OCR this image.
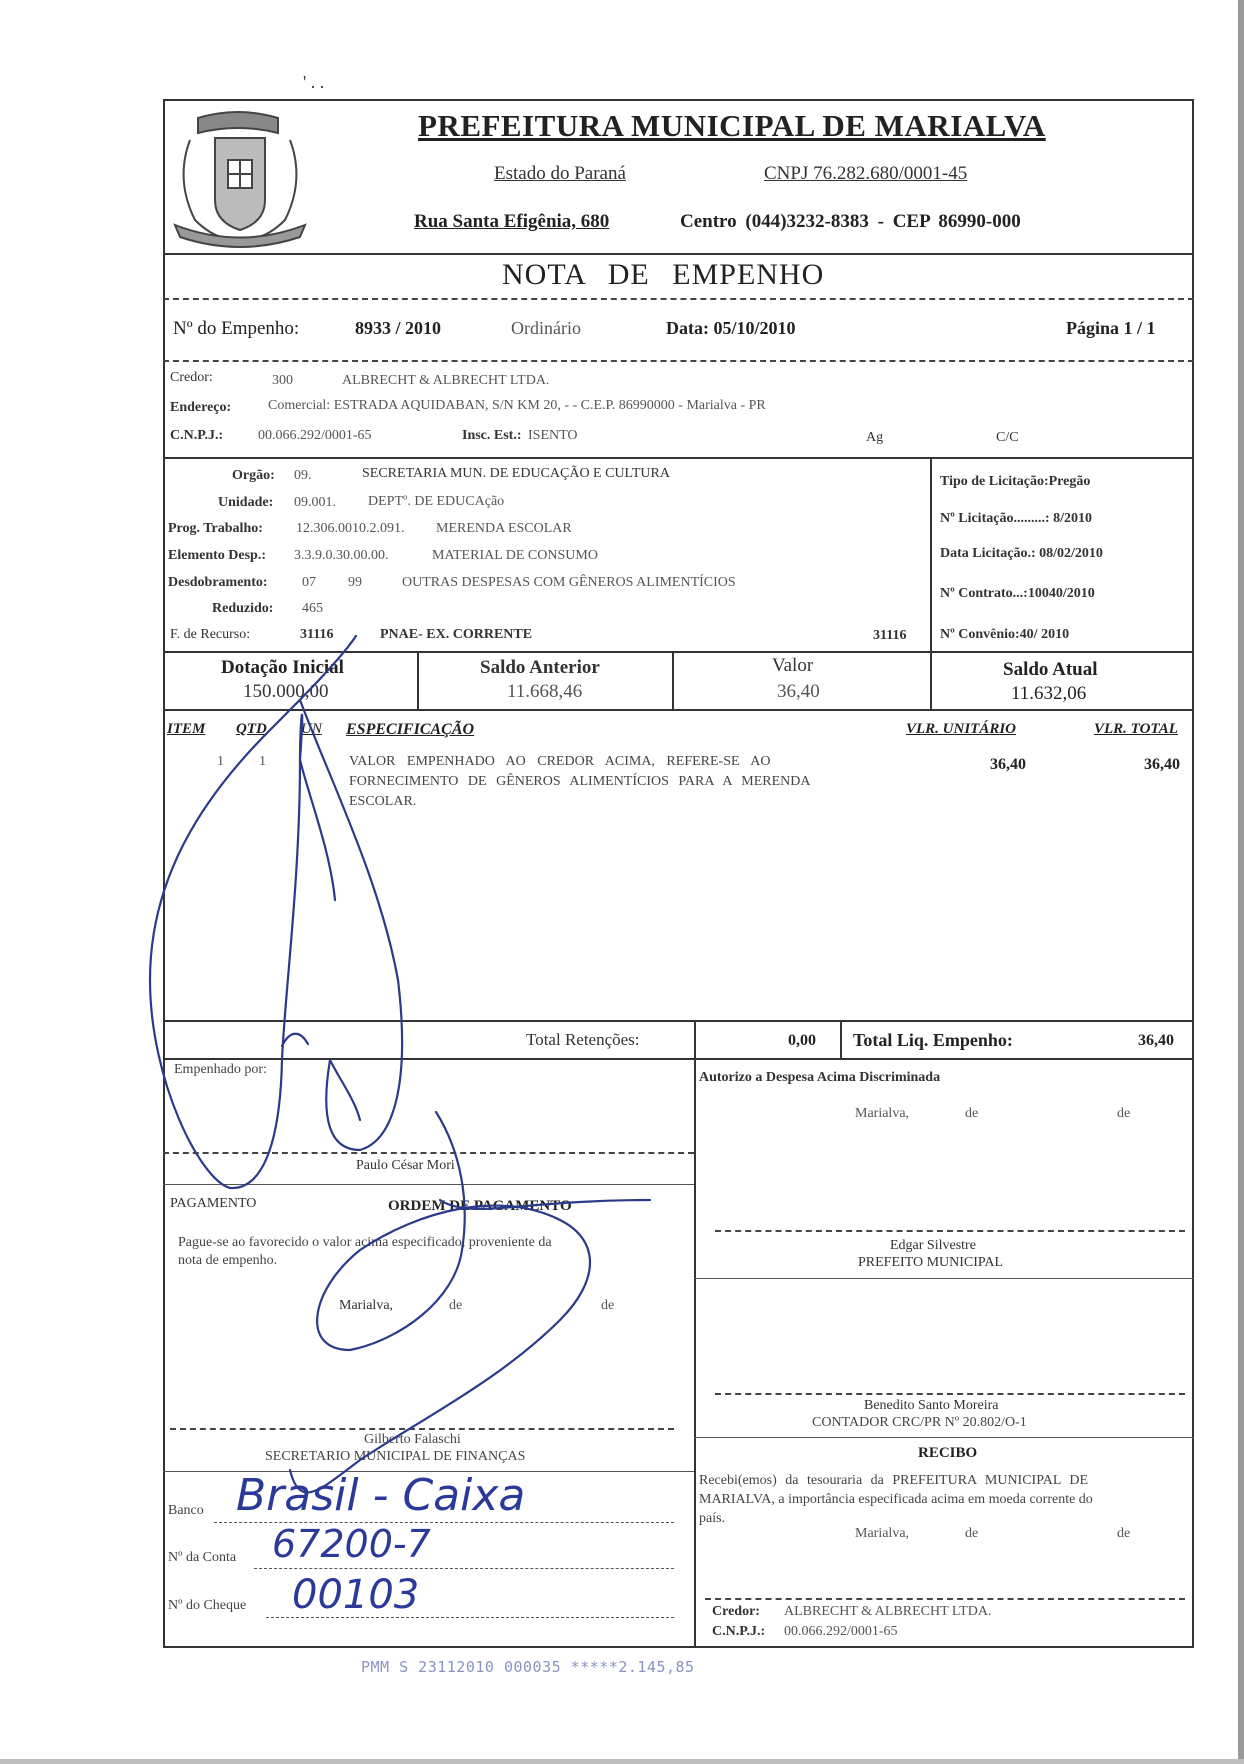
' . .
PREFEITURA MUNICIPAL DE MARIALVA
Estado do Paraná	CNPJ 76.282.680/0001-45
Rua Santa Efigênia, 680	Centro (044)3232-8383 - CEP 86990-000
NOTA DE EMPENHO
Nº do Empenho:	8933 / 2010	Ordinário	Data: 05/10/2010	Página 1 / 1
Credor:	300	ALBRECHT & ALBRECHT LTDA.
Endereço:	Comercial: ESTRADA AQUIDABAN, S/N KM 20, - - C.E.P. 86990000 - Marialva - PR
C.N.P.J.: 00.066.292/0001-65	Insc. Est.: ISENTO	Ag	C/C
Orgão: 09.	SECRETARIA MUN. DE EDUCAÇÃO E CULTURA
Unidade: 09.001. DEPTº. DE EDUCAção
Prog. Trabalho: 12.306.0010.2.091. MERENDA ESCOLAR
Elemento Desp.: 3.3.9.0.30.00.00.	MATERIAL DE CONSUMO
Desdobramento: 07 99	OUTRAS DESPESAS COM GÊNEROS ALIMENTÍCIOS
Reduzido: 465
F. de Recurso:	31116	PNAE- EX. CORRENTE	31116
Tipo de Licitação:Pregão
Nº Licitação.........: 8/2010
Data Licitação.: 08/02/2010
Nº Contrato...:10040/2010
Nº Convênio:40/ 2010
Dotação Inicial
150.000,00
Saldo Anterior
11.668,46
Valor
36,40
Saldo Atual
11.632,06
ITEM QTD UN ESPECIFICAÇÃO	VLR. UNITÁRIO	VLR. TOTAL
1	1	VALOR EMPENHADO AO CREDOR ACIMA, REFERE-SE AO
FORNECIMENTO DE GÊNEROS ALIMENTÍCIOS PARA A MERENDA
ESCOLAR.
36,40	36,40
Total Retenções:	0,00 Total Liq. Empenho:	36,40
Empenhado por:
Paulo César Mori
Autorizo a Despesa Acima Discriminada
Marialva,	de	de
Edgar Silvestre
PREFEITO MUNICIPAL
Benedito Santo Moreira
CONTADOR CRC/PR Nº 20.802/O-1
PAGAMENTO	ORDEM DE PAGAMENTO
Pague-se ao favorecido o valor acima especificado, proveniente da
nota de empenho.
Marialva,	de	de
Gilberto Falaschi
SECRETARIO MUNICIPAL DE FINANÇAS
Banco Brasil - Caixa
Nº da Conta 67200-7
Nº do Cheque 00103
RECIBO
Recebi(emos) da tesouraria da PREFEITURA MUNICIPAL DE
MARIALVA, a importância especificada acima em moeda corrente do
país.
Marialva,	de	de
Credor: ALBRECHT & ALBRECHT LTDA.
C.N.P.J.: 00.066.292/0001-65
PMM S 23112010 000035 *****2.145,85
